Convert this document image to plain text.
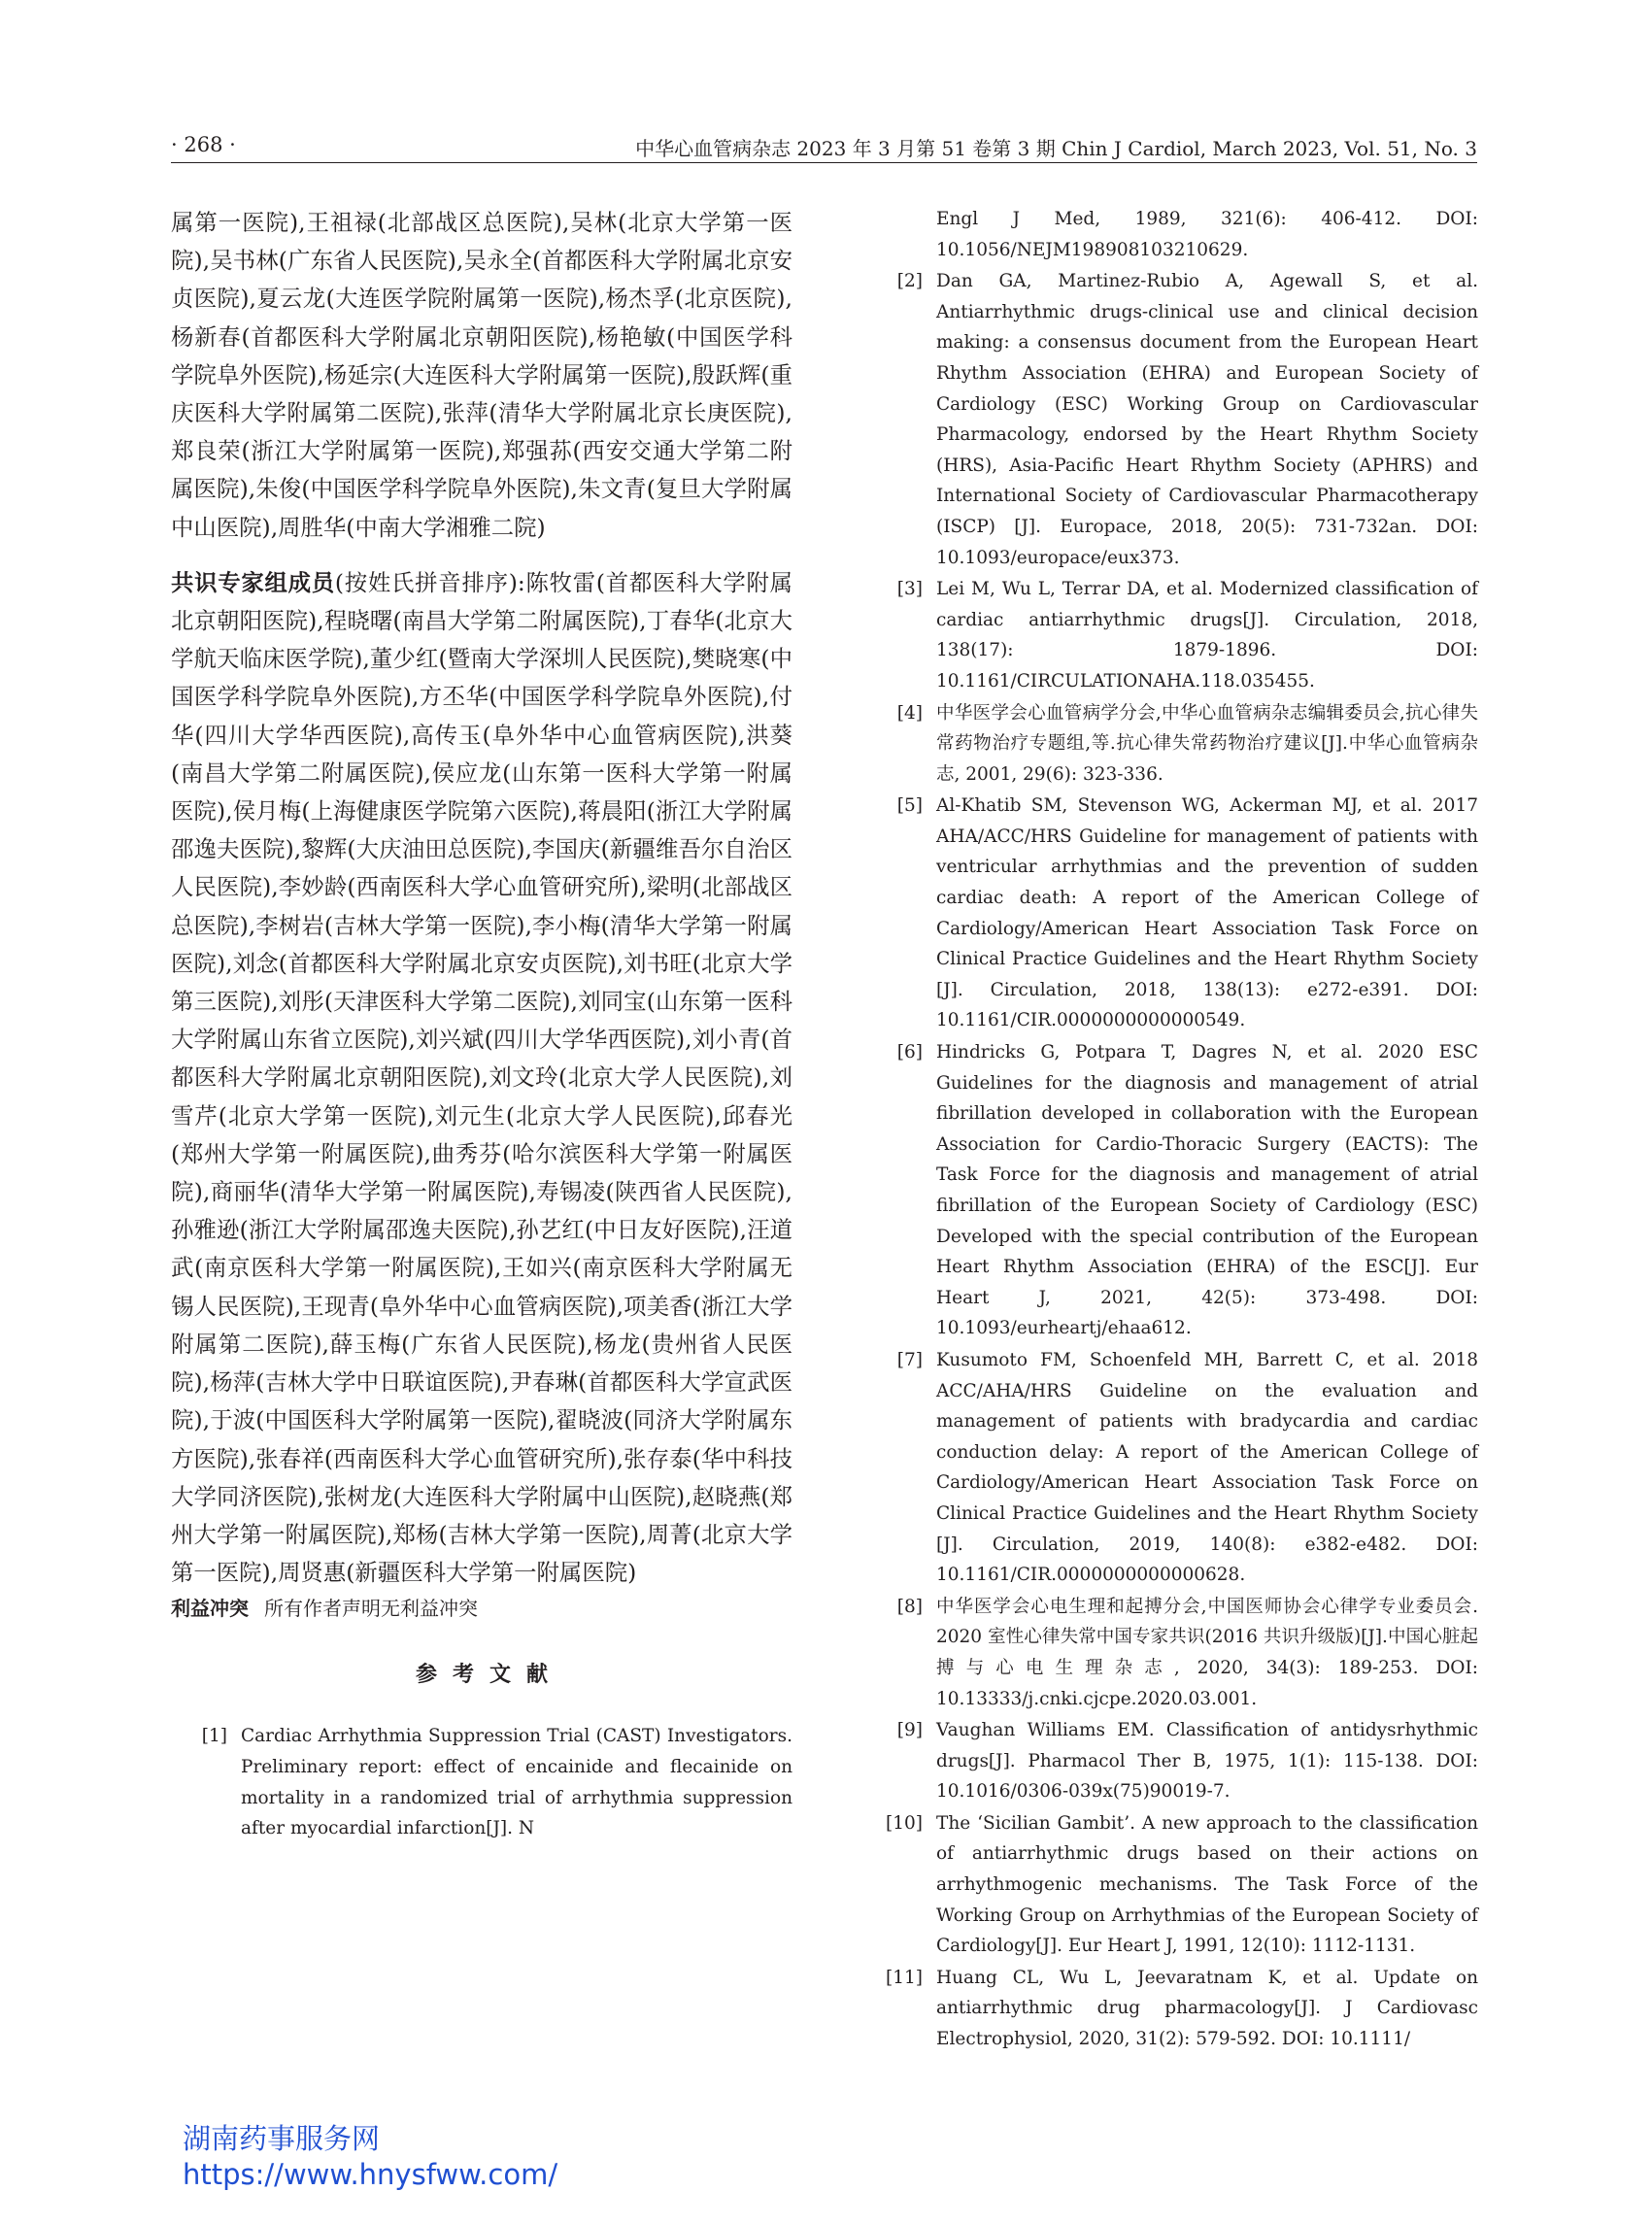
· 268 ·	中华心血管病杂志 2023 年 3 月第 51 卷第 3 期 Chin J Cardiol, March 2023, Vol. 51, No. 3

属第一医院),王祖禄(北部战区总医院),吴林(北京大学第一医院),吴书林(广东省人民医院),吴永全(首都医科大学附属北京安贞医院),夏云龙(大连医学院附属第一医院),杨杰孚(北京医院),杨新春(首都医科大学附属北京朝阳医院),杨艳敏(中国医学科学院阜外医院),杨延宗(大连医科大学附属第一医院),殷跃辉(重庆医科大学附属第二医院),张萍(清华大学附属北京长庚医院),郑良荣(浙江大学附属第一医院),郑强荪(西安交通大学第二附属医院),朱俊(中国医学科学院阜外医院),朱文青(复旦大学附属中山医院),周胜华(中南大学湘雅二院)

共识专家组成员(按姓氏拼音排序):陈牧雷(首都医科大学附属北京朝阳医院),程晓曙(南昌大学第二附属医院),丁春华(北京大学航天临床医学院),董少红(暨南大学深圳人民医院),樊晓寒(中国医学科学院阜外医院),方丕华(中国医学科学院阜外医院),付华(四川大学华西医院),高传玉(阜外华中心血管病医院),洪葵(南昌大学第二附属医院),侯应龙(山东第一医科大学第一附属医院),侯月梅(上海健康医学院第六医院),蒋晨阳(浙江大学附属邵逸夫医院),黎辉(大庆油田总医院),李国庆(新疆维吾尔自治区人民医院),李妙龄(西南医科大学心血管研究所),梁明(北部战区总医院),李树岩(吉林大学第一医院),李小梅(清华大学第一附属医院),刘念(首都医科大学附属北京安贞医院),刘书旺(北京大学第三医院),刘彤(天津医科大学第二医院),刘同宝(山东第一医科大学附属山东省立医院),刘兴斌(四川大学华西医院),刘小青(首都医科大学附属北京朝阳医院),刘文玲(北京大学人民医院),刘雪芹(北京大学第一医院),刘元生(北京大学人民医院),邱春光(郑州大学第一附属医院),曲秀芬(哈尔滨医科大学第一附属医院),商丽华(清华大学第一附属医院),寿锡凌(陕西省人民医院),孙雅逊(浙江大学附属邵逸夫医院),孙艺红(中日友好医院),汪道武(南京医科大学第一附属医院),王如兴(南京医科大学附属无锡人民医院),王现青(阜外华中心血管病医院),项美香(浙江大学附属第二医院),薛玉梅(广东省人民医院),杨龙(贵州省人民医院),杨萍(吉林大学中日联谊医院),尹春琳(首都医科大学宣武医院),于波(中国医科大学附属第一医院),翟晓波(同济大学附属东方医院),张春祥(西南医科大学心血管研究所),张存泰(华中科技大学同济医院),张树龙(大连医科大学附属中山医院),赵晓燕(郑州大学第一附属医院),郑杨(吉林大学第一医院),周菁(北京大学第一医院),周贤惠(新疆医科大学第一附属医院)

利益冲突 所有作者声明无利益冲突

参考文献
[1] Cardiac Arrhythmia Suppression Trial (CAST) Investigators. Preliminary report: effect of encainide and flecainide on mortality in a randomized trial of arrhythmia suppression after myocardial infarction[J]. N
Engl J Med, 1989, 321(6): 406-412. DOI: 10.1056/NEJM198908103210629.
[2] Dan GA, Martinez-Rubio A, Agewall S, et al. Antiarrhythmic drugs-clinical use and clinical decision making: a consensus document from the European Heart Rhythm Association (EHRA) and European Society of Cardiology (ESC) Working Group on Cardiovascular Pharmacology, endorsed by the Heart Rhythm Society (HRS), Asia-Pacific Heart Rhythm Society (APHRS) and International Society of Cardiovascular Pharmacotherapy (ISCP) [J]. Europace, 2018, 20(5): 731-732an. DOI: 10.1093/europace/eux373.
[3] Lei M, Wu L, Terrar DA, et al. Modernized classification of cardiac antiarrhythmic drugs[J]. Circulation, 2018, 138(17): 1879-1896. DOI: 10.1161/CIRCULATIONAHA.118.035455.
[4] 中华医学会心血管病学分会,中华心血管病杂志编辑委员会,抗心律失常药物治疗专题组,等.抗心律失常药物治疗建议[J].中华心血管病杂志, 2001, 29(6): 323-336.
[5] Al-Khatib SM, Stevenson WG, Ackerman MJ, et al. 2017 AHA/ACC/HRS Guideline for management of patients with ventricular arrhythmias and the prevention of sudden cardiac death: A report of the American College of Cardiology/American Heart Association Task Force on Clinical Practice Guidelines and the Heart Rhythm Society [J]. Circulation, 2018, 138(13): e272-e391. DOI: 10.1161/CIR.0000000000000549.
[6] Hindricks G, Potpara T, Dagres N, et al. 2020 ESC Guidelines for the diagnosis and management of atrial fibrillation developed in collaboration with the European Association for Cardio-Thoracic Surgery (EACTS): The Task Force for the diagnosis and management of atrial fibrillation of the European Society of Cardiology (ESC) Developed with the special contribution of the European Heart Rhythm Association (EHRA) of the ESC[J]. Eur Heart J, 2021, 42(5): 373-498. DOI: 10.1093/eurheartj/ehaa612.
[7] Kusumoto FM, Schoenfeld MH, Barrett C, et al. 2018 ACC/AHA/HRS Guideline on the evaluation and management of patients with bradycardia and cardiac conduction delay: A report of the American College of Cardiology/American Heart Association Task Force on Clinical Practice Guidelines and the Heart Rhythm Society [J]. Circulation, 2019, 140(8): e382-e482. DOI: 10.1161/CIR.0000000000000628.
[8] 中华医学会心电生理和起搏分会,中国医师协会心律学专业委员会. 2020 室性心律失常中国专家共识(2016 共识升级版)[J].中国心脏起搏与心电生理杂志, 2020, 34(3): 189-253. DOI: 10.13333/j.cnki.cjcpe.2020.03.001.
[9] Vaughan Williams EM. Classification of antidysrhythmic drugs[J]. Pharmacol Ther B, 1975, 1(1): 115-138. DOI: 10.1016/0306-039x(75)90019-7.
[10] The ‘Sicilian Gambit’. A new approach to the classification of antiarrhythmic drugs based on their actions on arrhythmogenic mechanisms. The Task Force of the Working Group on Arrhythmias of the European Society of Cardiology[J]. Eur Heart J, 1991, 12(10): 1112-1131.
[11] Huang CL, Wu L, Jeevaratnam K, et al. Update on antiarrhythmic drug pharmacology[J]. J Cardiovasc Electrophysiol, 2020, 31(2): 579-592. DOI: 10.1111/
湖南药事服务网
https://www.hnysfww.com/
